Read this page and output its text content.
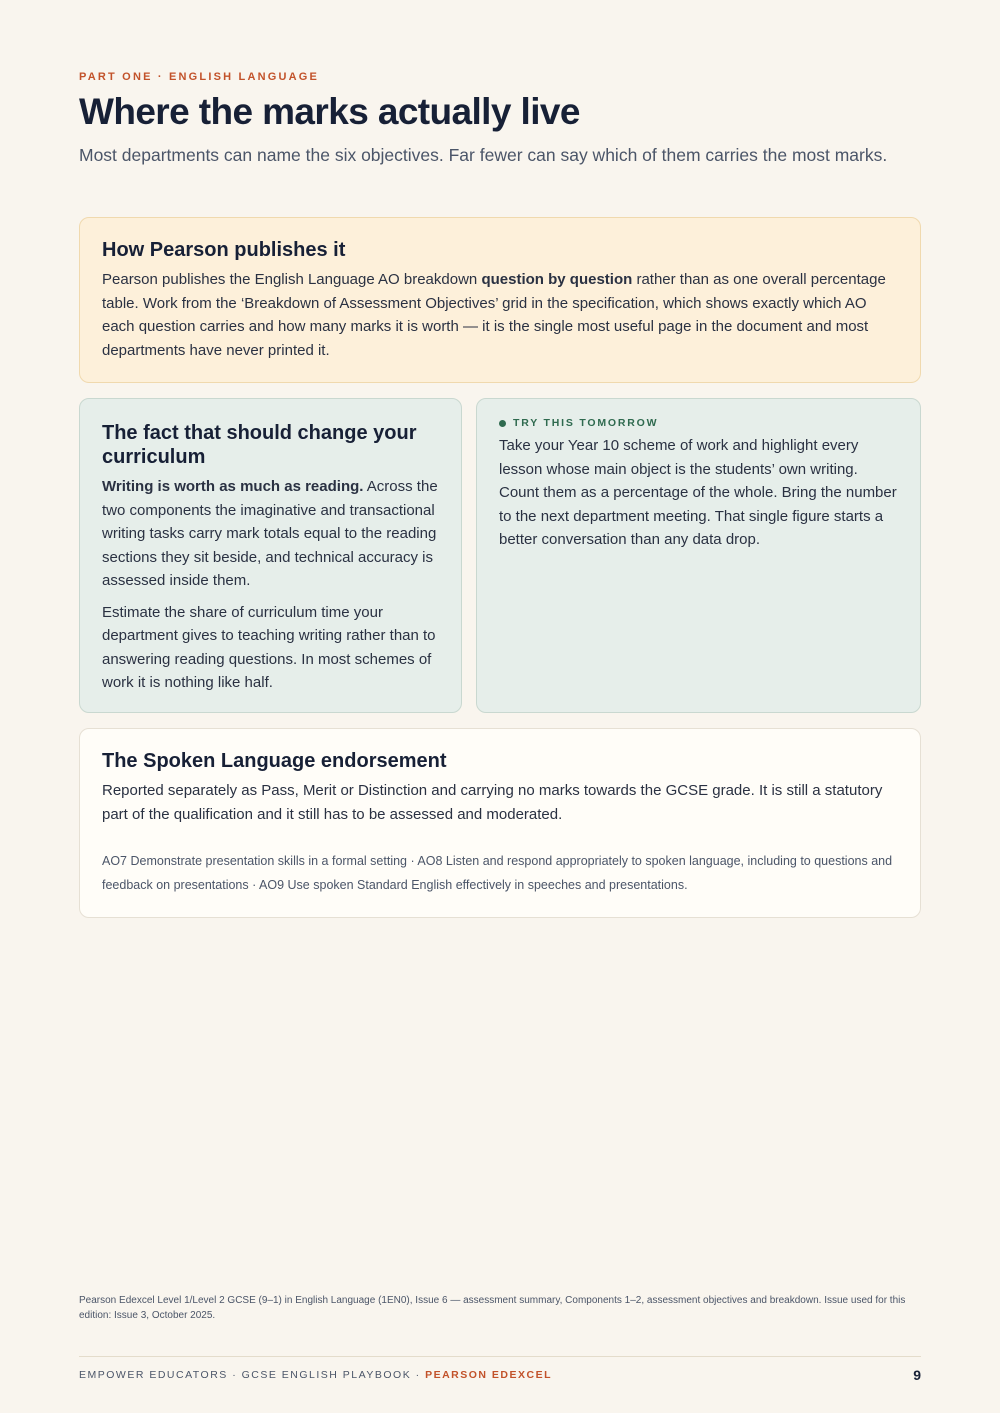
PART ONE · ENGLISH LANGUAGE
Where the marks actually live

Most departments can name the six objectives. Far fewer can say which of them carries the most marks.

How Pearson publishes it

Pearson publishes the English Language AO breakdown question by question rather than as one overall percentage table. Work from the ‘Breakdown of Assessment Objectives’ grid in the specification, which shows exactly which AO each question carries and how many marks it is worth — it is the single most useful page in the document and most departments have never printed it.

The fact that should change your curriculum

Writing is worth as much as reading. Across the two components the imaginative and transactional writing tasks carry mark totals equal to the reading sections they sit beside, and technical accuracy is assessed inside them.

Estimate the share of curriculum time your department gives to teaching writing rather than to answering reading questions. In most schemes of work it is nothing like half.

TRY THIS TOMORROW

Take your Year 10 scheme of work and highlight every lesson whose main object is the students’ own writing. Count them as a percentage of the whole. Bring the number to the next department meeting. That single figure starts a better conversation than any data drop.

The Spoken Language endorsement

Reported separately as Pass, Merit or Distinction and carrying no marks towards the GCSE grade. It is still a statutory part of the qualification and it still has to be assessed and moderated.

AO7 Demonstrate presentation skills in a formal setting · AO8 Listen and respond appropriately to spoken language, including to questions and feedback on presentations · AO9 Use spoken Standard English effectively in speeches and presentations.

Pearson Edexcel Level 1/Level 2 GCSE (9–1) in English Language (1EN0), Issue 6 — assessment summary, Components 1–2, assessment objectives and breakdown. Issue used for this edition: Issue 3, October 2025.

EMPOWER EDUCATORS · GCSE ENGLISH PLAYBOOK · PEARSON EDEXCEL	9
